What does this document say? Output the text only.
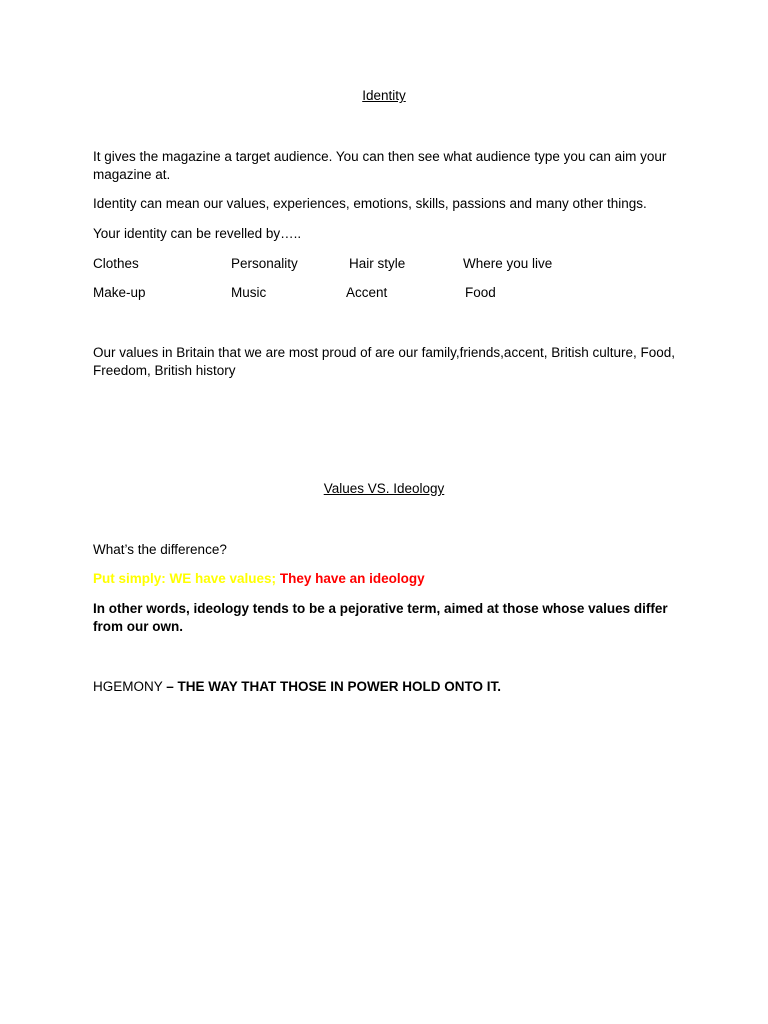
Identity
It gives the magazine a target audience. You can then see what audience type you can aim your magazine at.
Identity can mean our values, experiences, emotions, skills, passions and many other things.
Your identity can be revelled by…..
Clothes	Personality	Hair style	Where you live
Make-up	Music	Accent	Food
Our values in Britain that we are most proud of are our family,friends,accent, British culture, Food, Freedom, British history
Values VS. Ideology
What’s the difference?
Put simply: WE have values; They have an ideology
In other words, ideology tends to be a pejorative term, aimed at those whose values differ from our own.
HGEMONY – THE WAY THAT THOSE IN POWER HOLD ONTO IT.
